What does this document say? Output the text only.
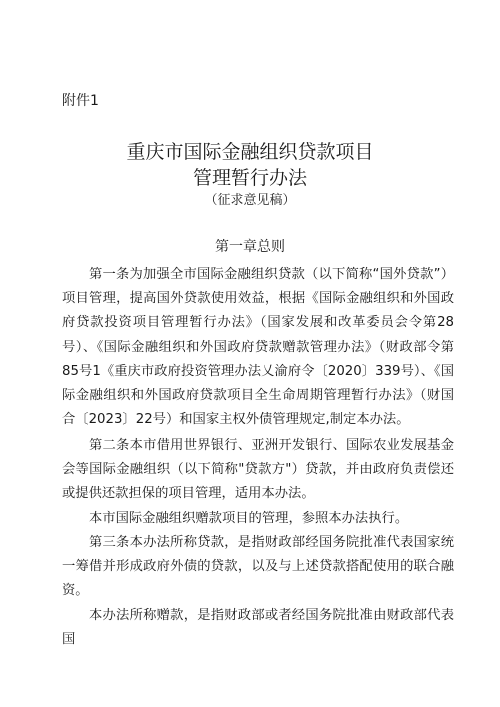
附件1
重庆市国际金融组织贷款项目
管理暂行办法
（征求意见稿）
第一章总则

第一条为加强全市国际金融组织贷款（以下简称“国外贷款”）项目管理，提高国外贷款使用效益，根据《国际金融组织和外国政府贷款投资项目管理暂行办法》（国家发展和改革委员会令第28号）、《国际金融组织和外国政府贷款赠款管理办法》（财政部令第85号1《重庆市政府投资管理办法乂渝府令〔2020〕339号）、《国际金融组织和外国政府贷款项目全生命周期管理暂行办法》（财国合〔2023〕22号）和国家主权外债管理规定,制定本办法。

第二条本市借用世界银行、亚洲开发银行、国际农业发展基金会等国际金融组织（以下简称"贷款方"）贷款，并由政府负责偿还或提供还款担保的项目管理，适用本办法。

本市国际金融组织赠款项目的管理，参照本办法执行。

第三条本办法所称贷款，是指财政部经国务院批准代表国家统一筹借并形成政府外债的贷款，以及与上述贷款搭配使用的联合融资。

本办法所称赠款，是指财政部或者经国务院批准由财政部代表国
